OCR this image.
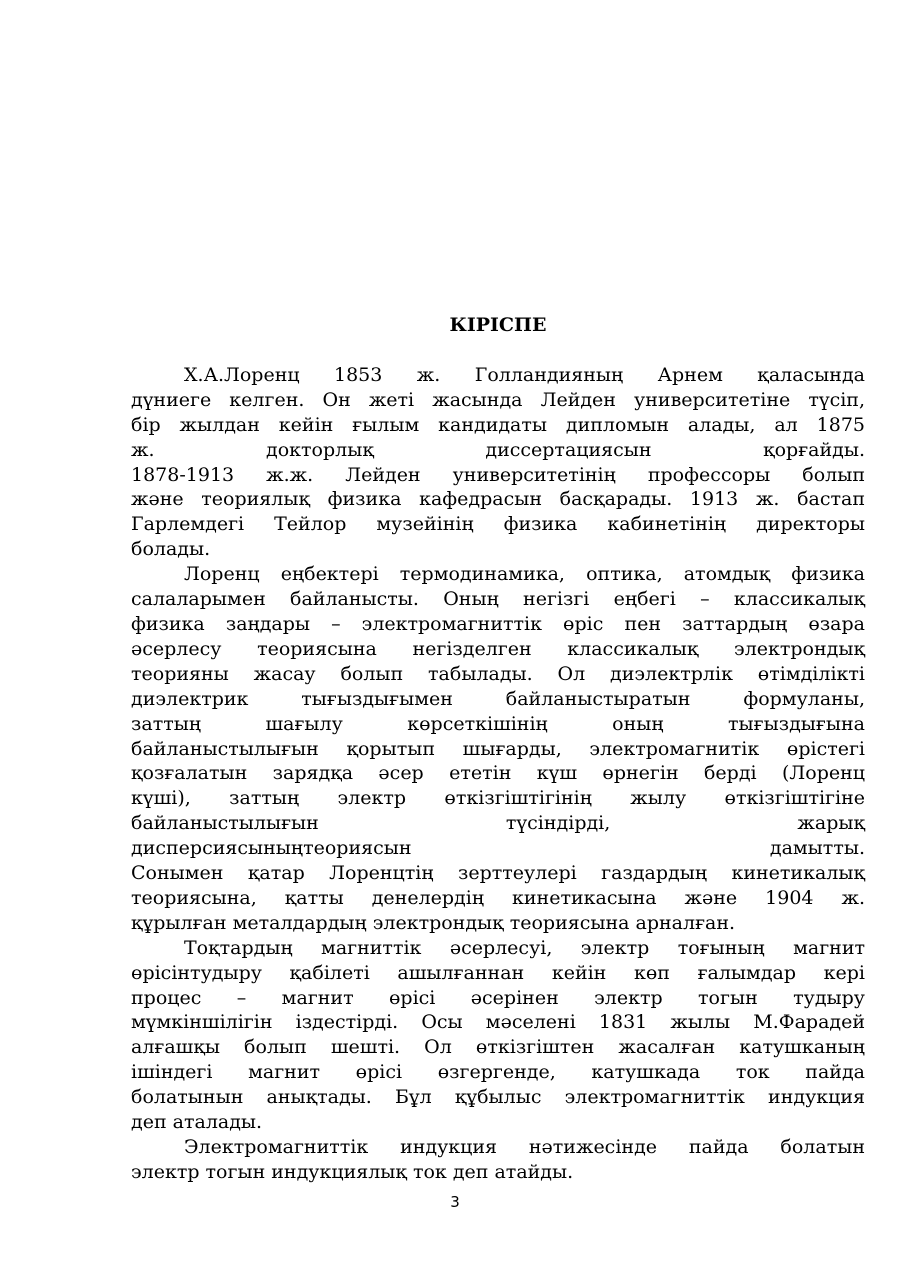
КІРІСПЕ
Х.А.Лоренц 1853 ж. Голландияның Арнем қаласында
дүниеге келген. Он жеті жасында Лейден университетіне түсіп,
бір жылдан кейін ғылым кандидаты дипломын алады, ал 1875
ж. докторлық диссертациясын қорғайды.
1878-1913 ж.ж. Лейден университетінің профессоры болып
және теориялық физика кафедрасын басқарады. 1913 ж. бастап
Гарлемдегі Тейлор музейінің физика кабинетінің директоры
болады.
Лоренц еңбектері термодинамика, оптика, атомдық физика
салаларымен байланысты. Оның негізгі еңбегі – классикалық
физика заңдары – электромагниттік өріс пен заттардың өзара
әсерлесу теориясына негізделген классикалық электрондық
теорияны жасау болып табылады. Ол диэлектрлік өтімділікті
диэлектрик тығыздығымен байланыстыратын формуланы,
заттың шағылу көрсеткішінің оның тығыздығына
байланыстылығын қорытып шығарды, электромагнитік өрістегі
қозғалатын зарядқа әсер ететін күш өрнегін берді (Лоренц
күші), заттың электр өткізгіштігінің жылу өткізгіштігіне
байланыстылығын түсіндірді, жарық
дисперсиясыныңтеориясын дамытты.
Сонымен қатар Лоренцтің зерттеулері газдардың кинетикалық
теориясына, қатты денелердің кинетикасына және 1904 ж.
құрылған металдардың электрондық теориясына арналған.
Тоқтардың магниттік әсерлесуі, электр тоғының магнит
өрісінтудыру қабілеті ашылғаннан кейін көп ғалымдар кері
процес – магнит өрісі әсерінен электр тогын тудыру
мүмкіншілігін іздестірді. Осы мәселені 1831 жылы М.Фарадей
алғашқы болып шешті. Ол өткізгіштен жасалған катушканың
ішіндегі магнит өрісі өзгергенде, катушкада ток пайда
болатынын анықтады. Бұл құбылыс электромагниттік индукция
деп аталады.
Электромагниттік индукция нәтижесінде пайда болатын
электр тогын индукциялық ток деп атайды.
3
